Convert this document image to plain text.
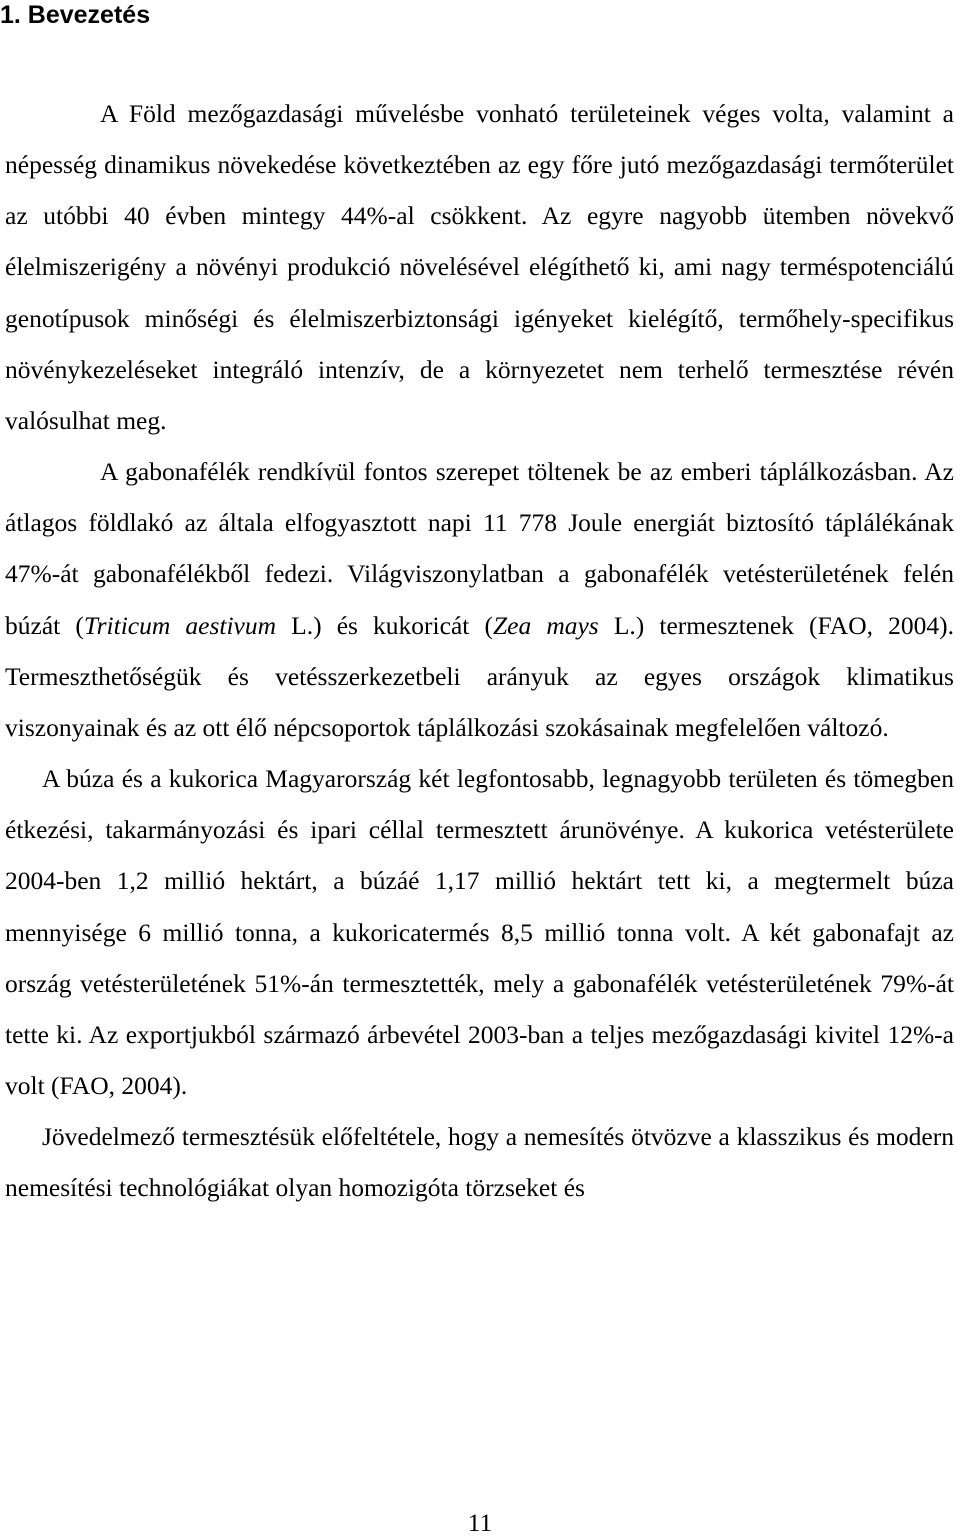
1. Bevezetés

A Föld mezőgazdasági művelésbe vonható területeinek véges volta, valamint a népesség dinamikus növekedése következtében az egy főre jutó mezőgazdasági termőterület az utóbbi 40 évben mintegy 44%-al csökkent. Az egyre nagyobb ütemben növekvő élelmiszerigény a növényi produkció növelésével elégíthető ki, ami nagy terméspotenciálú genotípusok minőségi és élelmiszerbiztonsági igényeket kielégítő, termőhely-specifikus növénykezeléseket integráló intenzív, de a környezetet nem terhelő termesztése révén valósulhat meg.

A gabonafélék rendkívül fontos szerepet töltenek be az emberi táplálkozásban. Az átlagos földlakó az általa elfogyasztott napi 11 778 Joule energiát biztosító táplálékának 47%-át gabonafélékből fedezi. Világviszonylatban a gabonafélék vetésterületének felén búzát (Triticum aestivum L.) és kukoricát (Zea mays L.) termesztenek (FAO, 2004). Termeszthetőségük és vetésszerkezetbeli arányuk az egyes országok klimatikus viszonyainak és az ott élő népcsoportok táplálkozási szokásainak megfelelően változó.

A búza és a kukorica Magyarország két legfontosabb, legnagyobb területen és tömegben étkezési, takarmányozási és ipari céllal termesztett árunövénye. A kukorica vetésterülete 2004-ben 1,2 millió hektárt, a búzáé 1,17 millió hektárt tett ki, a megtermelt búza mennyisége 6 millió tonna, a kukoricatermés 8,5 millió tonna volt. A két gabonafajt az ország vetésterületének 51%-án termesztették, mely a gabonafélék vetésterületének 79%-át tette ki. Az exportjukból származó árbevétel 2003-ban a teljes mezőgazdasági kivitel 12%-a volt (FAO, 2004).

Jövedelmező termesztésük előfeltétele, hogy a nemesítés ötvözve a klasszikus és modern nemesítési technológiákat olyan homozigóta törzseket és

11
